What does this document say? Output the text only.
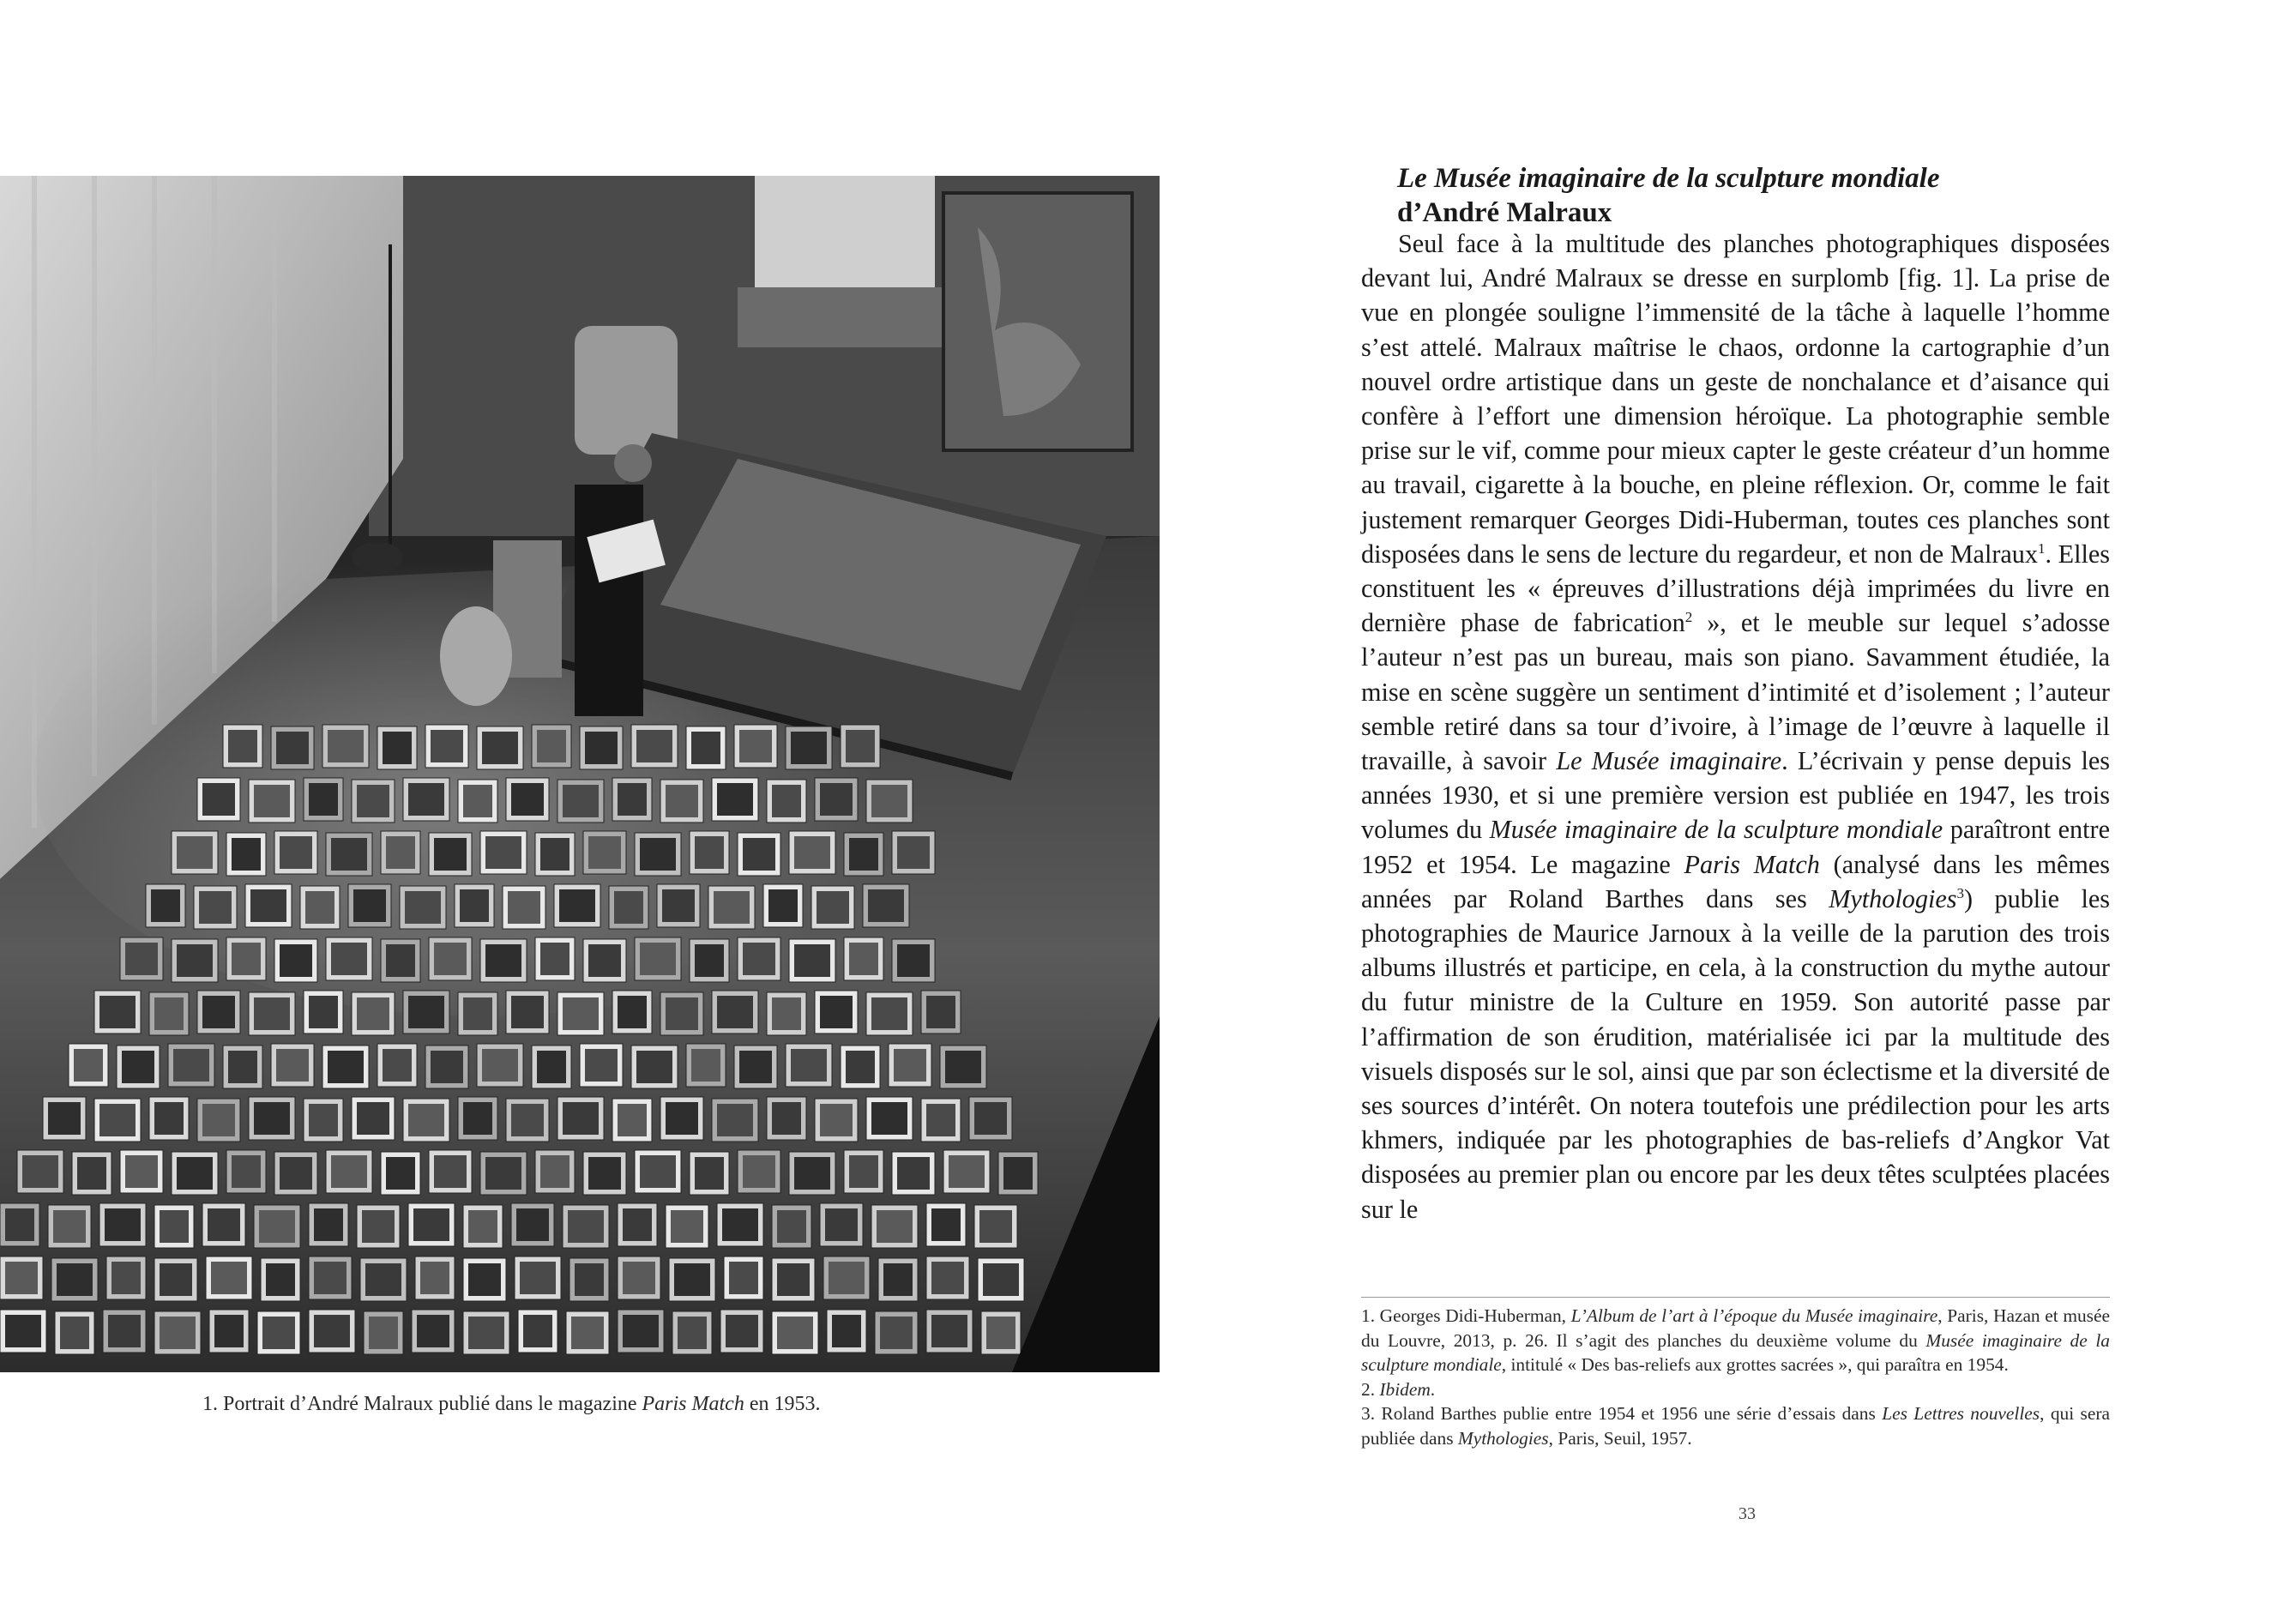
1. Portrait d’André Malraux publié dans le magazine Paris Match en 1953.
Le Musée imaginaire de la sculpture mondiale
d’André Malraux

Seul face à la multitude des planches photographiques disposées devant lui, André Malraux se dresse en surplomb [fig. 1]. La prise de vue en plongée souligne l’immensité de la tâche à laquelle l’homme s’est attelé. Malraux maîtrise le chaos, ordonne la cartographie d’un nouvel ordre artistique dans un geste de nonchalance et d’aisance qui confère à l’effort une dimension héroïque. La photographie semble prise sur le vif, comme pour mieux capter le geste créateur d’un homme au travail, cigarette à la bouche, en pleine réflexion. Or, comme le fait justement remarquer Georges Didi-Huberman, toutes ces planches sont disposées dans le sens de lecture du regardeur, et non de Malraux$^1$. Elles constituent les « épreuves d’illustrations déjà imprimées du livre en dernière phase de fabrication$^2$ », et le meuble sur lequel s’adosse l’auteur n’est pas un bureau, mais son piano. Savamment étudiée, la mise en scène suggère un sentiment d’intimité et d’isolement ; l’auteur semble retiré dans sa tour d’ivoire, à l’image de l’œuvre à laquelle il travaille, à savoir Le Musée imaginaire. L’écrivain y pense depuis les années 1930, et si une première version est publiée en 1947, les trois volumes du Musée imaginaire de la sculpture mondiale paraîtront entre 1952 et 1954. Le magazine Paris Match (analysé dans les mêmes années par Roland Barthes dans ses Mythologies$^3$) publie les photographies de Maurice Jarnoux à la veille de la parution des trois albums illustrés et participe, en cela, à la construction du mythe autour du futur ministre de la Culture en 1959. Son autorité passe par l’affirmation de son érudition, matérialisée ici par la multitude des visuels disposés sur le sol, ainsi que par son éclectisme et la diversité de ses sources d’intérêt. On notera toutefois une prédilection pour les arts khmers, indiquée par les photographies de bas-reliefs d’Angkor Vat disposées au premier plan ou encore par les deux têtes sculptées placées sur le

1. Georges Didi-Huberman, L’Album de l’art à l’époque du Musée imaginaire, Paris, Hazan et musée du Louvre, 2013, p. 26. Il s’agit des planches du deuxième volume du Musée imaginaire de la sculpture mondiale, intitulé « Des bas-reliefs aux grottes sacrées », qui paraîtra en 1954.

2. Ibidem.

3. Roland Barthes publie entre 1954 et 1956 une série d’essais dans Les Lettres nouvelles, qui sera publiée dans Mythologies, Paris, Seuil, 1957.

33
